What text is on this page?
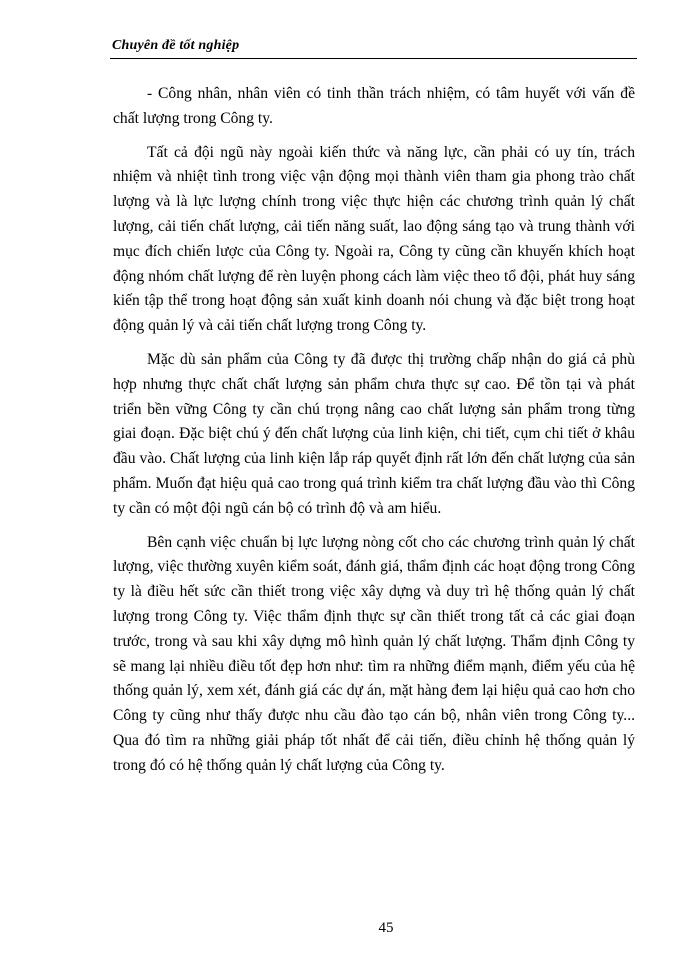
Chuyên đề tốt nghiệp

- Công nhân, nhân viên có tinh thần trách nhiệm, có tâm huyết với vấn đề chất lượng trong Công ty.

Tất cả đội ngũ này ngoài kiến thức và năng lực, cần phải có uy tín, trách nhiệm và nhiệt tình trong việc vận động mọi thành viên tham gia phong trào chất lượng và là lực lượng chính trong việc thực hiện các chương trình quản lý chất lượng, cải tiến chất lượng, cải tiến năng suất, lao động sáng tạo và trung thành với mục đích chiến lược của Công ty. Ngoài ra, Công ty cũng cần khuyến khích hoạt động nhóm chất lượng để rèn luyện phong cách làm việc theo tổ đội, phát huy sáng kiến tập thể trong hoạt động sản xuất kinh doanh nói chung và đặc biệt trong hoạt động quản lý và cải tiến chất lượng trong Công ty.

Mặc dù sản phẩm của Công ty đã được thị trường chấp nhận do giá cả phù hợp nhưng thực chất chất lượng sản phẩm chưa thực sự cao. Để tồn tại và phát triển bền vững Công ty cần chú trọng nâng cao chất lượng sản phẩm trong từng giai đoạn. Đặc biệt chú ý đến chất lượng của linh kiện, chi tiết, cụm chi tiết ở khâu đầu vào. Chất lượng của linh kiện lắp ráp quyết định rất lớn đến chất lượng của sản phẩm. Muốn đạt hiệu quả cao trong quá trình kiểm tra chất lượng đầu vào thì Công ty cần có một đội ngũ cán bộ có trình độ và am hiểu.

Bên cạnh việc chuẩn bị lực lượng nòng cốt cho các chương trình quản lý chất lượng, việc thường xuyên kiểm soát, đánh giá, thẩm định các hoạt động trong Công ty là điều hết sức cần thiết trong việc xây dựng và duy trì hệ thống quản lý chất lượng trong Công ty. Việc thẩm định thực sự cần thiết trong tất cả các giai đoạn trước, trong và sau khi xây dựng mô hình quản lý chất lượng. Thẩm định Công ty sẽ mang lại nhiều điều tốt đẹp hơn như: tìm ra những điểm mạnh, điểm yếu của hệ thống quản lý, xem xét, đánh giá các dự án, mặt hàng đem lại hiệu quả cao hơn cho Công ty cũng như thấy được nhu cầu đào tạo cán bộ, nhân viên trong Công ty... Qua đó tìm ra những giải pháp tốt nhất để cải tiến, điều chỉnh hệ thống quản lý trong đó có hệ thống quản lý chất lượng của Công ty.

45
